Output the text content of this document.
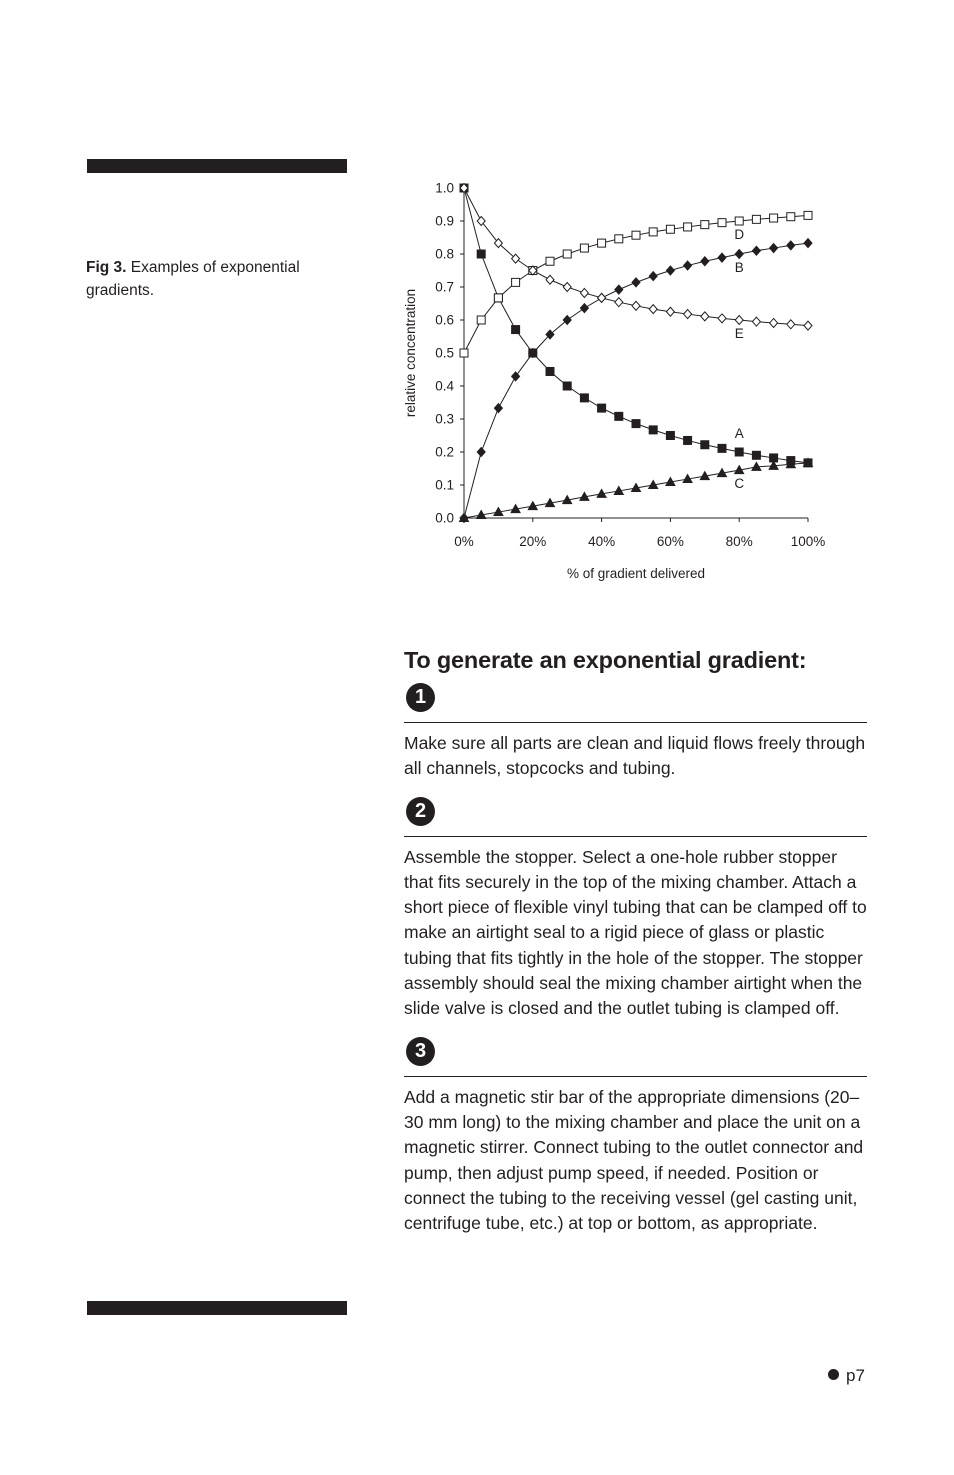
Fig 3. Examples of exponential gradients.
0.0
0.1
0.2
0.3
0.4
0.5
0.6
0.7
0.8
0.9
1.0
0%	20%	40%	60%	80%	100%
% of gradient delivered
relative concentration
A
B
C
D
E
To generate an exponential gradient:
1

Make sure all parts are clean and liquid flows freely through all channels, stopcocks and tubing.

2

Assemble the stopper. Select a one-hole rubber stopper that fits securely in the top of the mixing chamber. Attach a short piece of flexible vinyl tubing that can be clamped off to make an airtight seal to a rigid piece of glass or plastic tubing that fits tightly in the hole of the stopper. The stopper assembly should seal the mixing chamber airtight when the slide valve is closed and the outlet tubing is clamped off.

3

Add a magnetic stir bar of the appropriate dimensions (20–30 mm long) to the mixing chamber and place the unit on a magnetic stirrer. Connect tubing to the outlet connector and pump, then adjust pump speed, if needed. Position or connect the tubing to the receiving vessel (gel casting unit, centrifuge tube, etc.) at top or bottom, as appropriate.

p7
